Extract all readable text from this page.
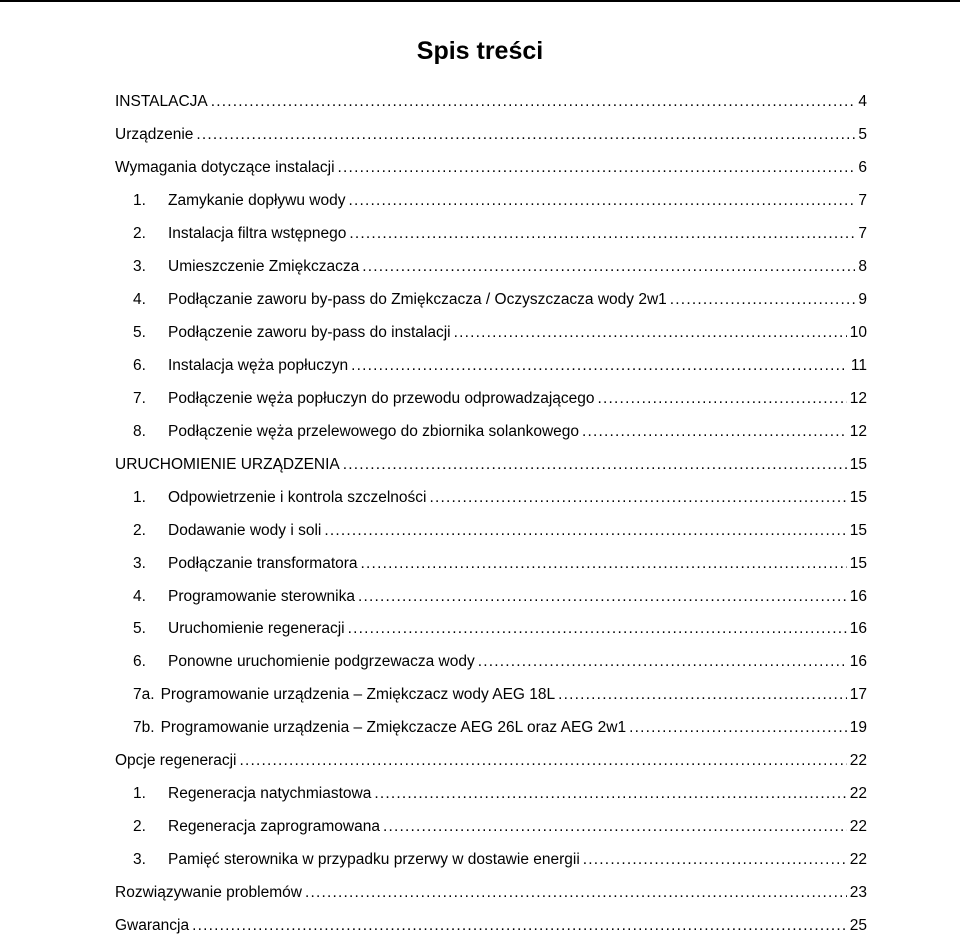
Spis treści
INSTALACJA .....	4
Urządzenie .....	5
Wymagania dotyczące instalacji .....	6
1.	Zamykanie dopływu wody .....	7
2.	Instalacja filtra wstępnego .....	7
3.	Umieszczenie Zmiękczacza .....	8
4.	Podłączanie zaworu by-pass do Zmiękczacza / Oczyszczacza wody 2w1 .....	9
5.	Podłączenie zaworu by-pass do instalacji .....	10
6.	Instalacja węża popłuczyn .....	11
7.	Podłączenie węża popłuczyn do przewodu odprowadzającego .....	12
8.	Podłączenie węża przelewowego do zbiornika solankowego .....	12
URUCHOMIENIE URZĄDZENIA .....	15
1.	Odpowietrzenie i kontrola szczelności .....	15
2.	Dodawanie wody i soli .....	15
3.	Podłączanie transformatora .....	15
4.	Programowanie sterownika .....	16
5.	Uruchomienie regeneracji .....	16
6.	Ponowne uruchomienie podgrzewacza wody .....	16
7a. Programowanie urządzenia – Zmiękczacz wody AEG 18L .....	17
7b. Programowanie urządzenia – Zmiękczacze AEG 26L oraz AEG 2w1 .....	19
Opcje regeneracji .....	22
1.	Regeneracja natychmiastowa .....	22
2.	Regeneracja zaprogramowana .....	22
3.	Pamięć sterownika w przypadku przerwy w dostawie energii .....	22
Rozwiązywanie problemów .....	23
Gwarancja .....	25
